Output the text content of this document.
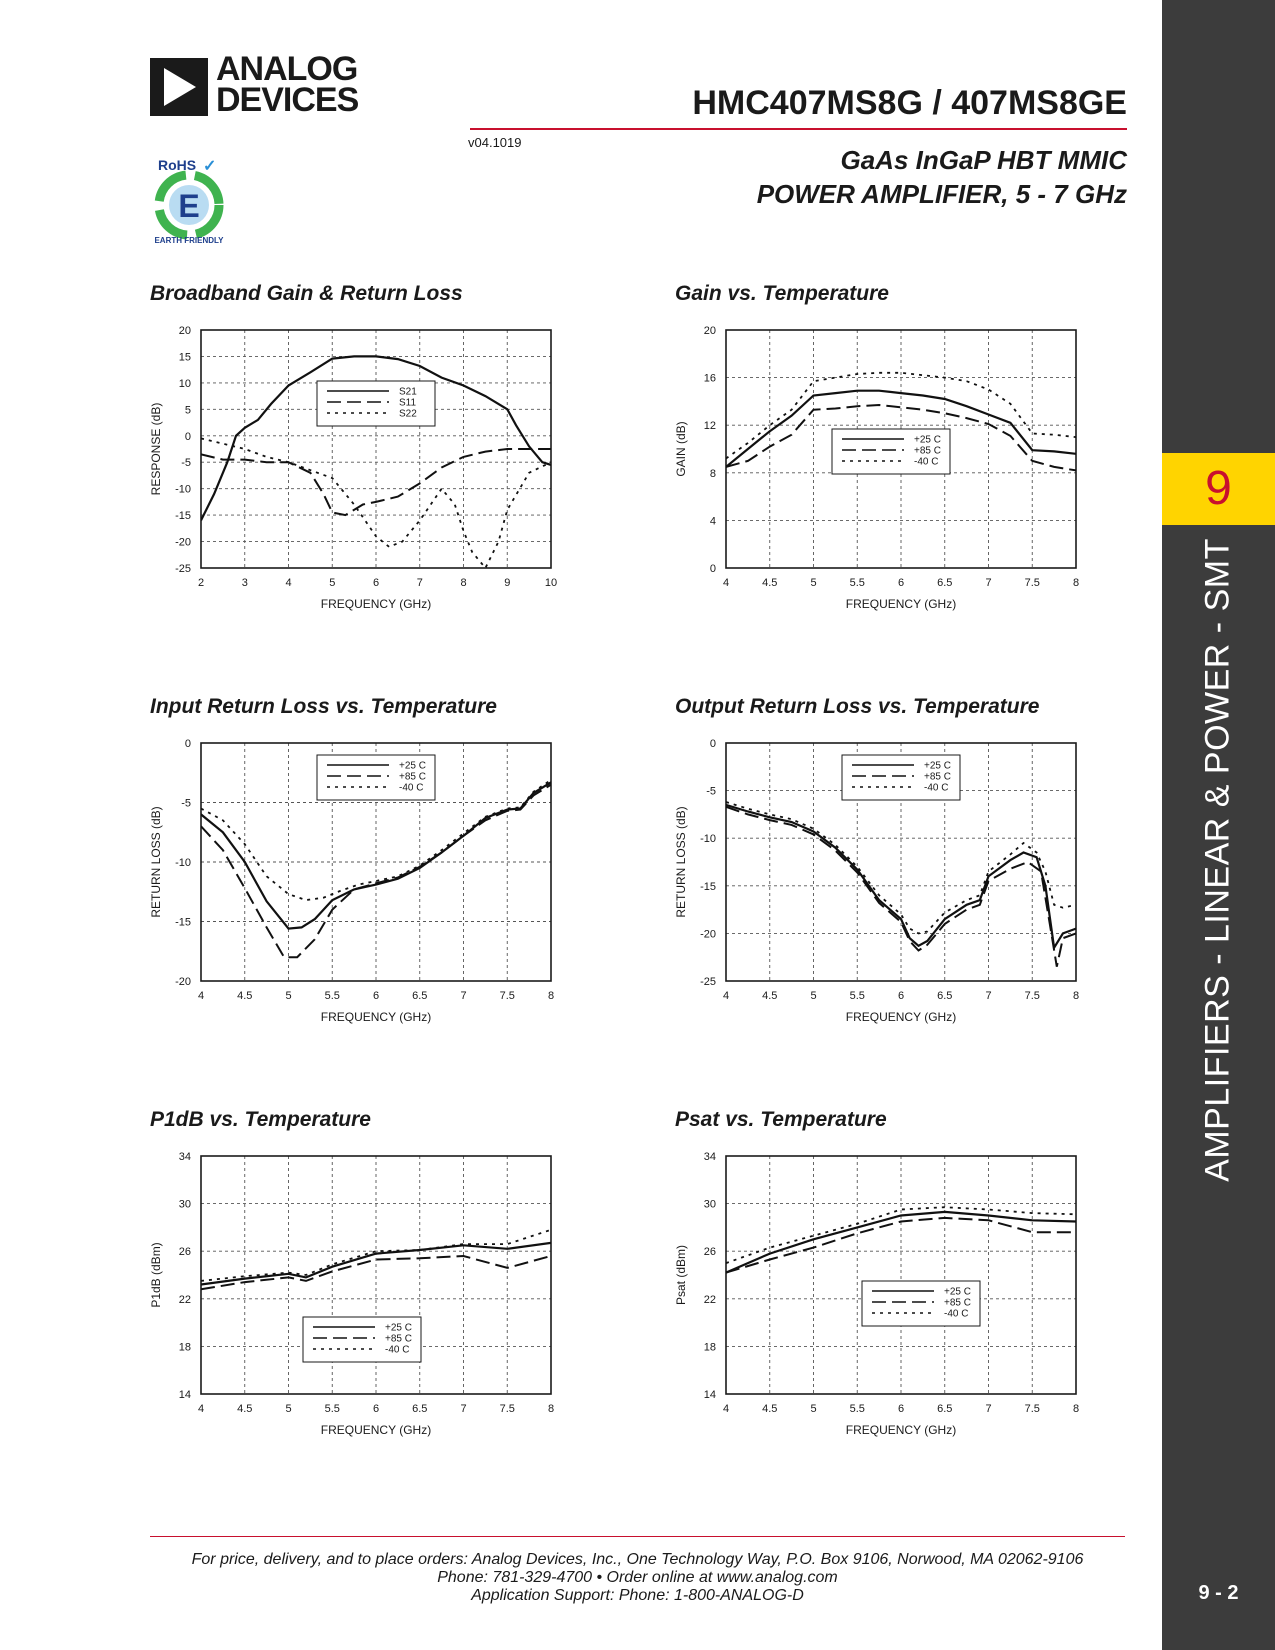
ANALOG
DEVICES	HMC407MS8G / 407MS8GE
v04.1019
GaAs InGaP HBT MMIC
POWER AMPLIFIER, 5 - 7 GHz
RoHS ✓
E
EARTH FRIENDLY
9
AMPLIFIERS - LINEAR & POWER - SMT
9 - 2
Broadband Gain & Return Loss	Gain vs. Temperature
Input Return Loss vs. Temperature	Output Return Loss vs. Temperature
P1dB vs. Temperature	Psat vs. Temperature
2	3	4	5	6	7	8	9	10
-25
-20
-15
-10
-5
0
5
10
15
20
FREQUENCY (GHz)
RESPONSE (dB)
S21
S11
S22
4	4.5	5	5.5	6	6.5	7	7.5	8
0
4
8
12
16
20
FREQUENCY (GHz)
GAIN (dB)	+25 C
+85 C
-40 C
4	4.5	5	5.5	6	6.5	7	7.5	8
-20
-15
-10
-5
0
FREQUENCY (GHz)
RETURN LOSS (dB)
+25 C
+85 C
-40 C
4	4.5	5	5.5	6	6.5	7	7.5	8
-25
-20
-15
-10
-5
0
FREQUENCY (GHz)
RETURN LOSS (dB)
+25 C
+85 C
-40 C
4	4.5	5	5.5	6	6.5	7	7.5	8
14
18
22
26
30
34
FREQUENCY (GHz)
P1dB (dBm)
+25 C
+85 C
-40 C
4	4.5	5	5.5	6	6.5	7	7.5	8
14
18
22
26
30
34
FREQUENCY (GHz)
Psat (dBm)	+25 C
+85 C
-40 C
For price, delivery, and to place orders: Analog Devices, Inc., One Technology Way, P.O. Box 9106, Norwood, MA 02062-9106
Phone: 781-329-4700 • Order online at www.analog.com
Application Support: Phone: 1-800-ANALOG-D
